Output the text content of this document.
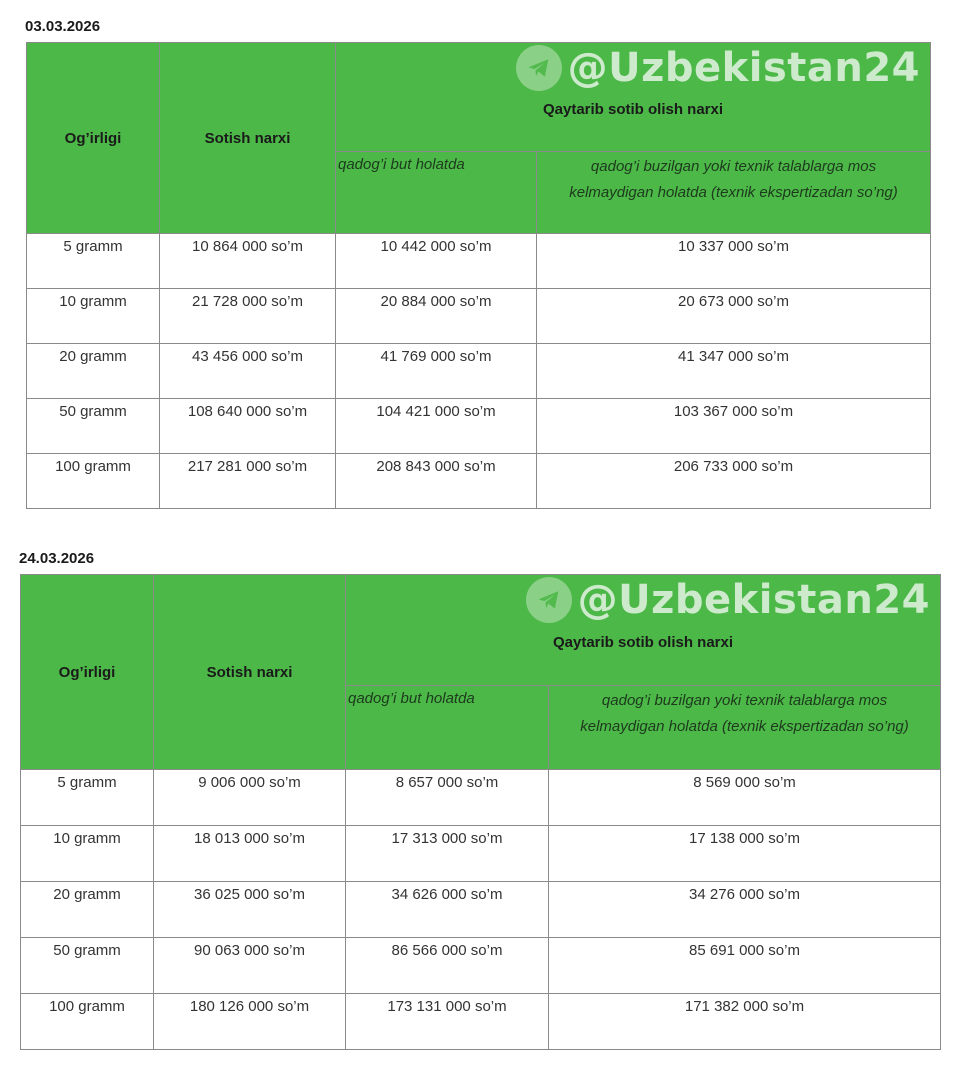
03.03.2026
Og’irligi	Sotish narxi	@Uzbekistan24
Qaytarib sotib olish narxi	
		qadog’i but holatda	qadog’i buzilgan yoki texnik talablarga mos kelmaydigan holatda (texnik ekspertizadan so’ng)
5 gramm	10 864 000 so’m	10 442 000 so’m	10 337 000 so’m
10 gramm	21 728 000 so’m	20 884 000 so’m	20 673 000 so’m
20 gramm	43 456 000 so’m	41 769 000 so’m	41 347 000 so’m
50 gramm	108 640 000 so’m	104 421 000 so’m	103 367 000 so’m
100 gramm	217 281 000 so’m	208 843 000 so’m	206 733 000 so’m
24.03.2026
Og’irligi	Sotish narxi	@Uzbekistan24
Qaytarib sotib olish narxi	
		qadog’i but holatda	qadog’i buzilgan yoki texnik talablarga mos kelmaydigan holatda (texnik ekspertizadan so’ng)
5 gramm	9 006 000 so’m	8 657 000 so’m	8 569 000 so’m
10 gramm	18 013 000 so’m	17 313 000 so’m	17 138 000 so’m
20 gramm	36 025 000 so’m	34 626 000 so’m	34 276 000 so’m
50 gramm	90 063 000 so’m	86 566 000 so’m	85 691 000 so’m
100 gramm	180 126 000 so’m	173 131 000 so’m	171 382 000 so’m
